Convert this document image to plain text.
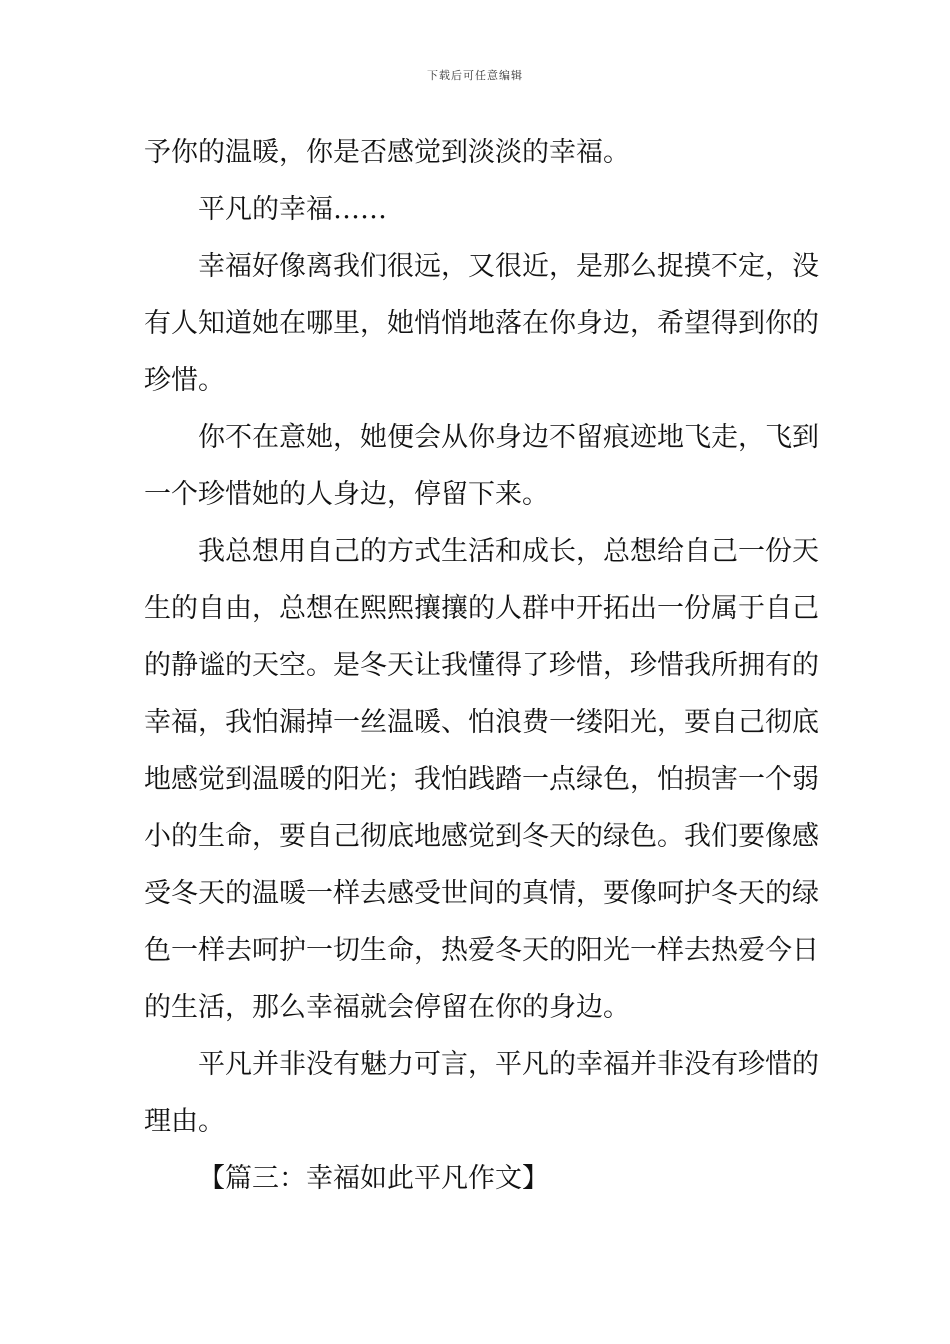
下载后可任意编辑
予你的温暖，你是否感觉到淡淡的幸福。
平凡的幸福……
幸福好像离我们很远，又很近，是那么捉摸不定，没
有人知道她在哪里，她悄悄地落在你身边，希望得到你的
珍惜。
你不在意她，她便会从你身边不留痕迹地飞走，飞到
一个珍惜她的人身边，停留下来。
我总想用自己的方式生活和成长，总想给自己一份天
生的自由，总想在熙熙攘攘的人群中开拓出一份属于自己
的静谧的天空。是冬天让我懂得了珍惜，珍惜我所拥有的
幸福，我怕漏掉一丝温暖、怕浪费一缕阳光，要自己彻底
地感觉到温暖的阳光；我怕践踏一点绿色，怕损害一个弱
小的生命，要自己彻底地感觉到冬天的绿色。我们要像感
受冬天的温暖一样去感受世间的真情，要像呵护冬天的绿
色一样去呵护一切生命，热爱冬天的阳光一样去热爱今日
的生活，那么幸福就会停留在你的身边。
平凡并非没有魅力可言，平凡的幸福并非没有珍惜的
理由。
【篇三：幸福如此平凡作文】
